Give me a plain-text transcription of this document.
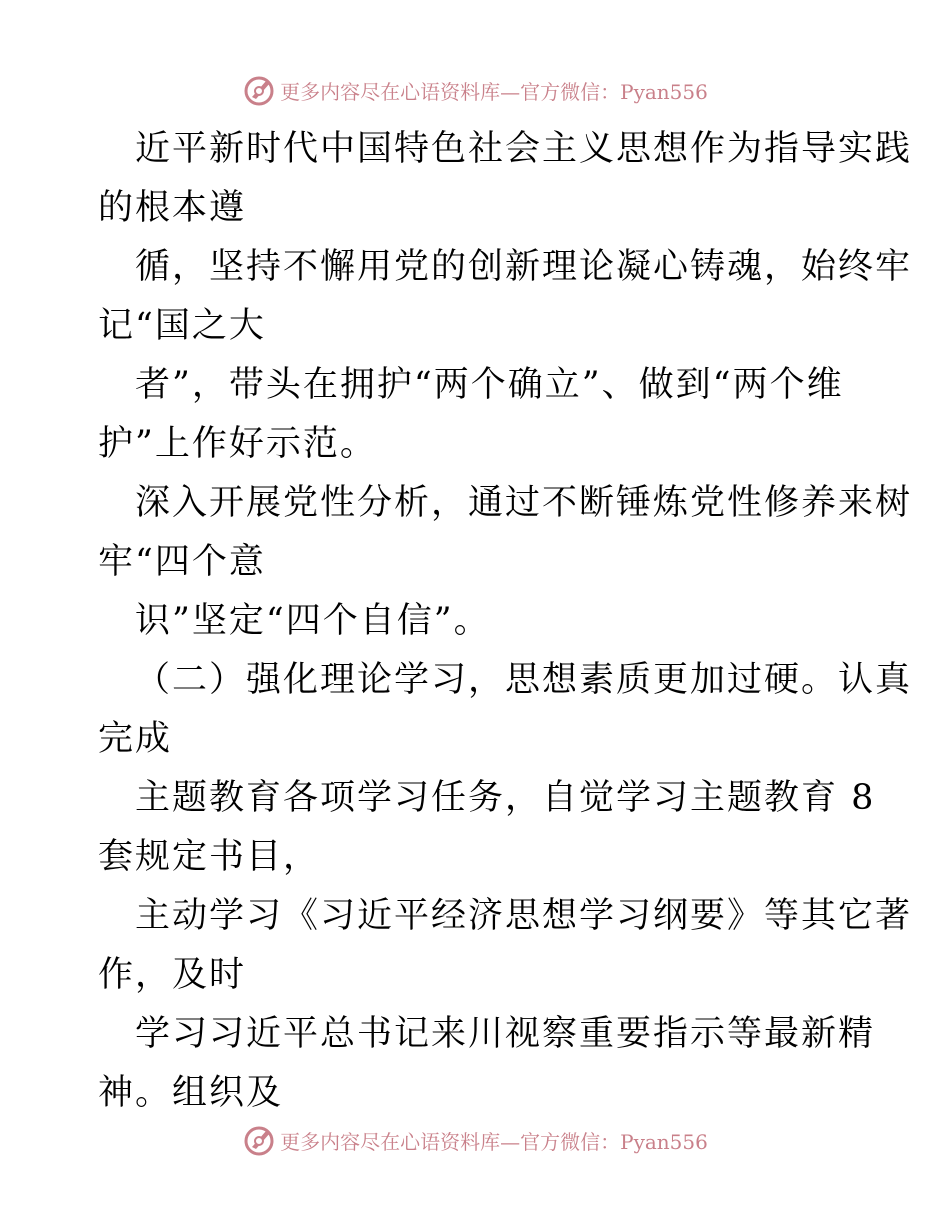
更多内容尽在心语资料库—官方微信：Pyan556
近平新时代中国特色社会主义思想作为指导实践
的根本遵
循，坚持不懈用党的创新理论凝心铸魂，始终牢
记“国之大
者”，带头在拥护“两个确立”、做到“两个维
护”上作好示范。
深入开展党性分析，通过不断锤炼党性修养来树
牢“四个意
识”坚定“四个自信”。
（二）强化理论学习，思想素质更加过硬。认真
完成
主题教育各项学习任务，自觉学习主题教育 8
套规定书目，
主动学习《习近平经济思想学习纲要》等其它著
作，及时
学习习近平总书记来川视察重要指示等最新精
神。组织及
更多内容尽在心语资料库—官方微信：Pyan556
